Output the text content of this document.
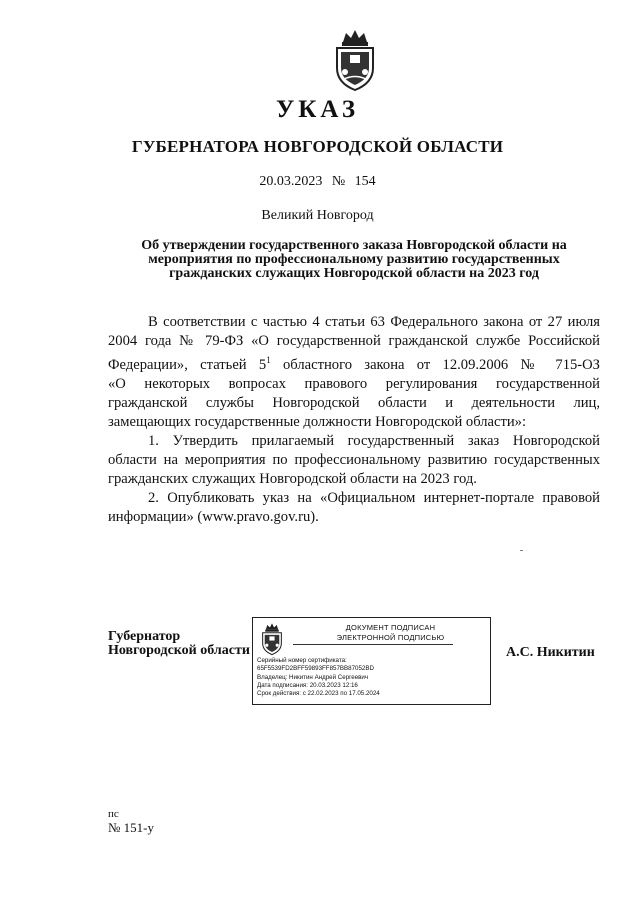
УКАЗ
ГУБЕРНАТОРА НОВГОРОДСКОЙ ОБЛАСТИ
20.03.2023 № 154
Великий Новгород
Об утверждении государственного заказа Новгородской области на
мероприятия по профессиональному развитию государственных
гражданских служащих Новгородской области на 2023 год
В соответствии с частью 4 статьи 63 Федерального закона от 27 июля
2004 года № 79-ФЗ «О государственной гражданской службе Российской
Федерации», статьей $5^1$ областного закона от 12.09.2006 № 715-ОЗ
«О некоторых вопросах правового регулирования государственной
гражданской службы Новгородской области и деятельности лиц,
замещающих государственные должности Новгородской области»:
1. Утвердить прилагаемый государственный заказ Новгородской
области на мероприятия по профессиональному развитию государственных
гражданских служащих Новгородской области на 2023 год.
2. Опубликовать указ на «Официальном интернет-портале правовой
информации» (www.pravo.gov.ru).
Губернатор
Новгородской области
ДОКУМЕНТ ПОДПИСАН
ЭЛЕКТРОННОЙ ПОДПИСЬЮ
Серийный номер сертификата:
65F5539FD2BFF59893FF857BB87052BD
Владелец: Никитин Андрей Сергеевич
Дата подписания: 20.03.2023 12:16
Срок действия: с 22.02.2023 по 17.05.2024
А.С. Никитин
пс
№ 151-у
